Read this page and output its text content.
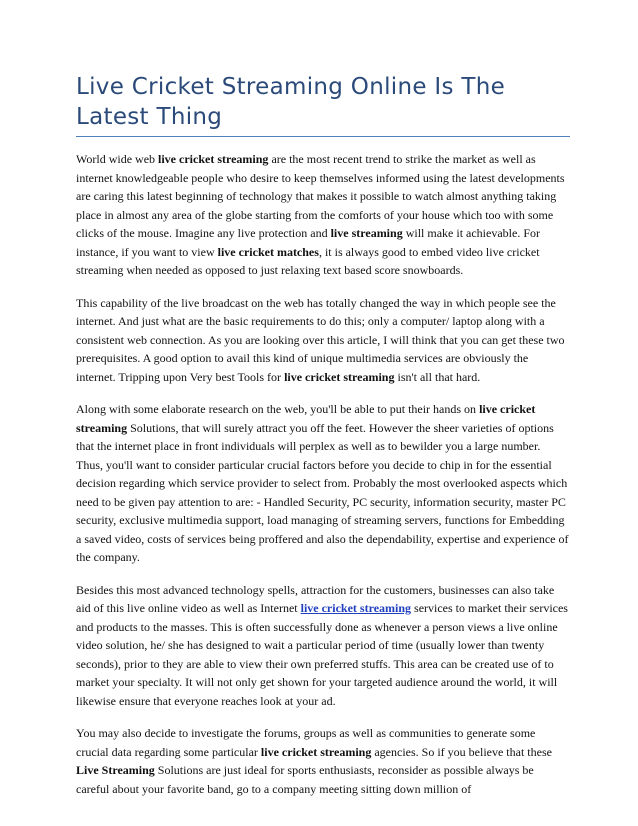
Live Cricket Streaming Online Is The Latest Thing

World wide web live cricket streaming are the most recent trend to strike the market as well as internet knowledgeable people who desire to keep themselves informed using the latest developments are caring this latest beginning of technology that makes it possible to watch almost anything taking place in almost any area of the globe starting from the comforts of your house which too with some clicks of the mouse. Imagine any live protection and live streaming will make it achievable. For instance, if you want to view live cricket matches, it is always good to embed video live cricket streaming when needed as opposed to just relaxing text based score snowboards.

This capability of the live broadcast on the web has totally changed the way in which people see the internet. And just what are the basic requirements to do this; only a computer/ laptop along with a consistent web connection. As you are looking over this article, I will think that you can get these two prerequisites. A good option to avail this kind of unique multimedia services are obviously the internet. Tripping upon Very best Tools for live cricket streaming isn't all that hard.

Along with some elaborate research on the web, you'll be able to put their hands on live cricket streaming Solutions, that will surely attract you off the feet. However the sheer varieties of options that the internet place in front individuals will perplex as well as to bewilder you a large number. Thus, you'll want to consider particular crucial factors before you decide to chip in for the essential decision regarding which service provider to select from. Probably the most overlooked aspects which need to be given pay attention to are: - Handled Security, PC security, information security, master PC security, exclusive multimedia support, load managing of streaming servers, functions for Embedding a saved video, costs of services being proffered and also the dependability, expertise and experience of the company.

Besides this most advanced technology spells, attraction for the customers, businesses can also take aid of this live online video as well as Internet live cricket streaming services to market their services and products to the masses. This is often successfully done as whenever a person views a live online video solution, he/ she has designed to wait a particular period of time (usually lower than twenty seconds), prior to they are able to view their own preferred stuffs. This area can be created use of to market your specialty. It will not only get shown for your targeted audience around the world, it will likewise ensure that everyone reaches look at your ad.

You may also decide to investigate the forums, groups as well as communities to generate some crucial data regarding some particular live cricket streaming agencies. So if you believe that these Live Streaming Solutions are just ideal for sports enthusiasts, reconsider as possible always be careful about your favorite band, go to a company meeting sitting down million of
